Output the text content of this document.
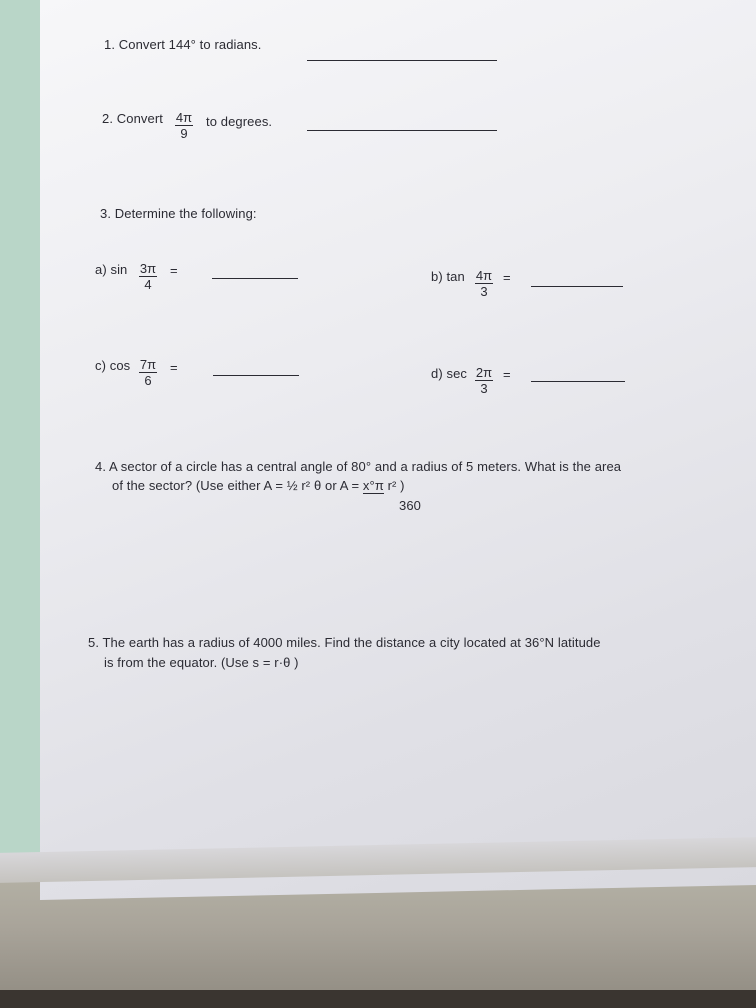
1. Convert 144° to radians.
2. Convert $\frac{4\pi}{9}$ to degrees.
3. Determine the following:
a) $\sin \frac{3\pi}{4}$ =	b) $\tan \frac{4\pi}{3}$ =
c) $\cos \frac{7\pi}{6}$ =	d) $\sec \frac{2\pi}{3}$ =
4. A sector of a circle has a central angle of 80° and a radius of 5 meters. What is the area
of the sector? (Use either A = ½ r² θ or A = x°π r² )
360
5. The earth has a radius of 4000 miles. Find the distance a city located at 36°N latitude
is from the equator. (Use s = r·θ )
